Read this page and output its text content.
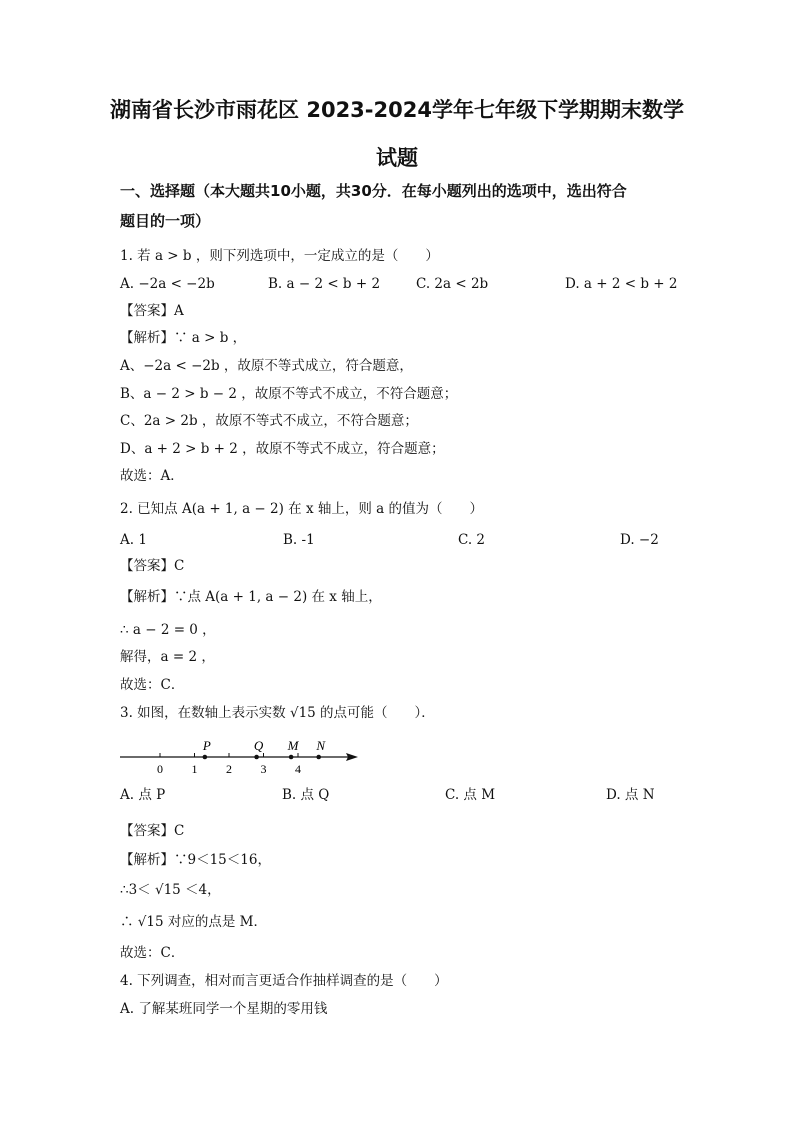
湖南省长沙市雨花区 2023-2024学年七年级下学期期末数学
试题
一、选择题（本大题共10小题，共30分．在每小题列出的选项中，选出符合
题目的一项）
1. 若 a > b ，则下列选项中，一定成立的是（　　）
A. −2a < −2b	B. a − 2 < b + 2	C. 2a < 2b	D. a + 2 < b + 2
【答案】A
【解析】∵ a > b ，
A、−2a < −2b ，故原不等式成立，符合题意，
B、a − 2 > b − 2 ，故原不等式不成立，不符合题意；
C、2a > 2b ，故原不等式不成立，不符合题意；
D、a + 2 > b + 2 ，故原不等式不成立，符合题意；
故选：A．
2. 已知点 A(a + 1, a − 2) 在 x 轴上，则 a 的值为（　　）
A. 1	B. -1	C. 2	D. −2
【答案】C
【解析】∵点 A(a + 1, a − 2) 在 x 轴上，
∴ a − 2 = 0 ，
解得，a = 2 ，
故选：C．
3. 如图，在数轴上表示实数 √15 的点可能（　　）．
0 1 2 3 4
P	Q M N
A. 点 P	B. 点 Q	C. 点 M	D. 点 N
【答案】C
【解析】∵9＜15＜16，
∴3＜ √15 ＜4，
∴ √15 对应的点是 M．
故选：C．
4. 下列调查，相对而言更适合作抽样调查的是（　　）
A. 了解某班同学一个星期的零用钱
